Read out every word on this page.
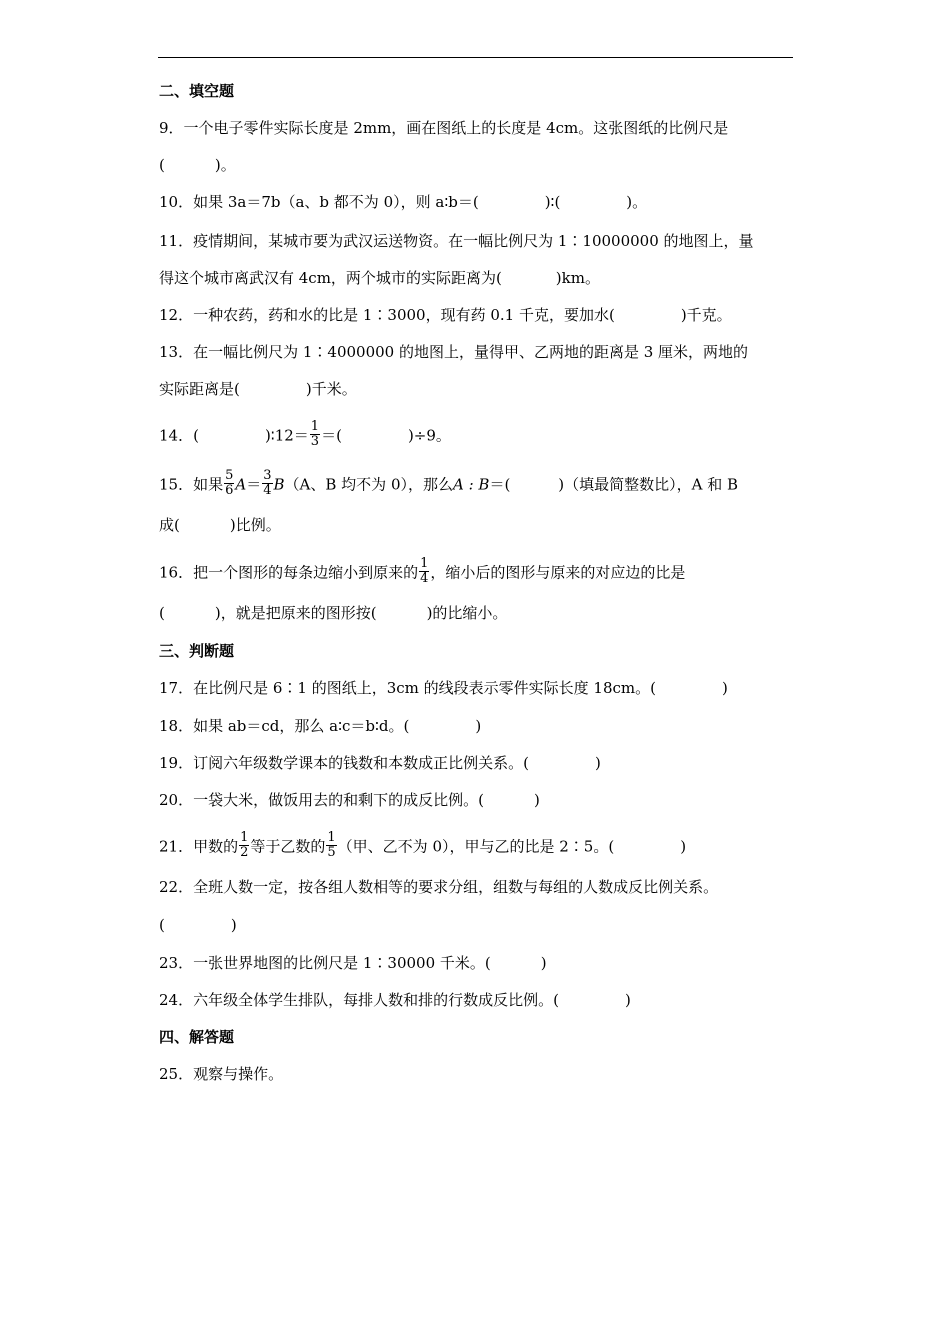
二、填空题
9．一个电子零件实际长度是 2mm，画在图纸上的长度是 4cm。这张图纸的比例尺是
(	)。
10．如果 3a＝7b（a、b 都不为 0），则 a∶b＝(	)∶(	)。
11．疫情期间，某城市要为武汉运送物资。在一幅比例尺为 1∶10000000 的地图上，量
得这个城市离武汉有 4cm，两个城市的实际距离为(	)km。
12．一种农药，药和水的比是 1∶3000，现有药 0.1 千克，要加水(	)千克。
13．在一幅比例尺为 1∶4000000 的地图上，量得甲、乙两地的距离是 3 厘米，两地的
实际距离是(	)千米。
14．(	)∶12＝ $\frac{1}{3}$ ＝(	)÷9。
15．如果 $\frac{5}{6} A= \frac{3}{4} B(A$、B 均不为 0），那么A : B＝(	)（填最简整数比），A 和 B
成(	)比例。
16．把一个图形的每条边缩小到原来的 $\frac{1}{4}$ ，缩小后的图形与原来的对应边的比是
(	)，就是把原来的图形按(	)的比缩小。
三、判断题
17．在比例尺是 6∶1 的图纸上，3cm 的线段表示零件实际长度 18cm。(	)
18．如果 ab＝cd，那么 a∶c＝b∶d。(	)
19．订阅六年级数学课本的钱数和本数成正比例关系。(	)
20．一袋大米，做饭用去的和剩下的成反比例。(	)
21．甲数的 $\frac{1}{2}$ 等于乙数的 $\frac{1}{5}$ （甲、乙不为 0），甲与乙的比是 2∶5。(	)
22．全班人数一定，按各组人数相等的要求分组，组数与每组的人数成反比例关系。
(	)
23．一张世界地图的比例尺是 1∶30000 千米。(	)
24．六年级全体学生排队，每排人数和排的行数成反比例。(	)
四、解答题
25．观察与操作。
